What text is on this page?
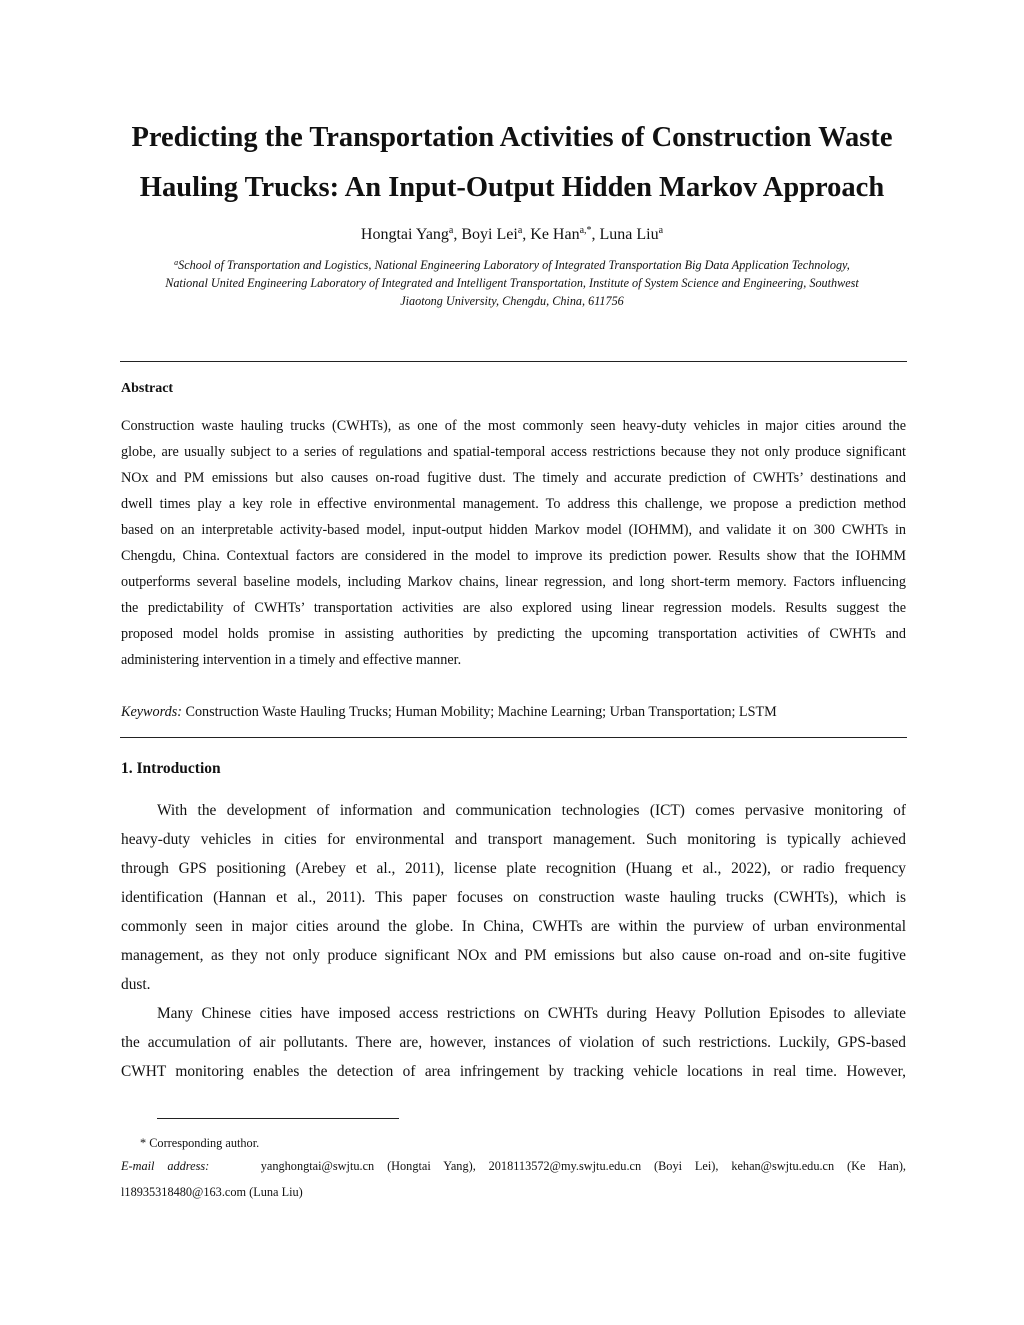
Predicting the Transportation Activities of Construction Waste
Hauling Trucks: An Input-Output Hidden Markov Approach
Hongtai Yang$^a$, Boyi Lei$^a$, Ke Han$^{a,*}$, Luna Liu$^a$
$^a$School of Transportation and Logistics, National Engineering Laboratory of Integrated Transportation Big Data Application Technology,
National United Engineering Laboratory of Integrated and Intelligent Transportation, Institute of System Science and Engineering, Southwest
Jiaotong University, Chengdu, China, 611756
Abstract
Construction waste hauling trucks (CWHTs), as one of the most commonly seen heavy-duty vehicles in major cities around the
globe, are usually subject to a series of regulations and spatial-temporal access restrictions because they not only produce significant
NOx and PM emissions but also causes on-road fugitive dust. The timely and accurate prediction of CWHTs’ destinations and
dwell times play a key role in effective environmental management. To address this challenge, we propose a prediction method
based on an interpretable activity-based model, input-output hidden Markov model (IOHMM), and validate it on 300 CWHTs in
Chengdu, China. Contextual factors are considered in the model to improve its prediction power. Results show that the IOHMM
outperforms several baseline models, including Markov chains, linear regression, and long short-term memory. Factors influencing
the predictability of CWHTs’ transportation activities are also explored using linear regression models. Results suggest the
proposed model holds promise in assisting authorities by predicting the upcoming transportation activities of CWHTs and
administering intervention in a timely and effective manner.
Keywords: Construction Waste Hauling Trucks; Human Mobility; Machine Learning; Urban Transportation; LSTM
1. Introduction
With the development of information and communication technologies (ICT) comes pervasive monitoring of
heavy-duty vehicles in cities for environmental and transport management. Such monitoring is typically achieved
through GPS positioning (Arebey et al., 2011), license plate recognition (Huang et al., 2022), or radio frequency
identification (Hannan et al., 2011). This paper focuses on construction waste hauling trucks (CWHTs), which is
commonly seen in major cities around the globe. In China, CWHTs are within the purview of urban environmental
management, as they not only produce significant NOx and PM emissions but also cause on-road and on-site fugitive
dust.
Many Chinese cities have imposed access restrictions on CWHTs during Heavy Pollution Episodes to alleviate
the accumulation of air pollutants. There are, however, instances of violation of such restrictions. Luckily, GPS-based
CWHT monitoring enables the detection of area infringement by tracking vehicle locations in real time. However,
* Corresponding author.
E-mail address:	yanghongtai@swjtu.cn (Hongtai Yang), 2018113572@my.swjtu.edu.cn (Boyi Lei), kehan@swjtu.edu.cn (Ke Han),
l18935318480@163.com (Luna Liu)
